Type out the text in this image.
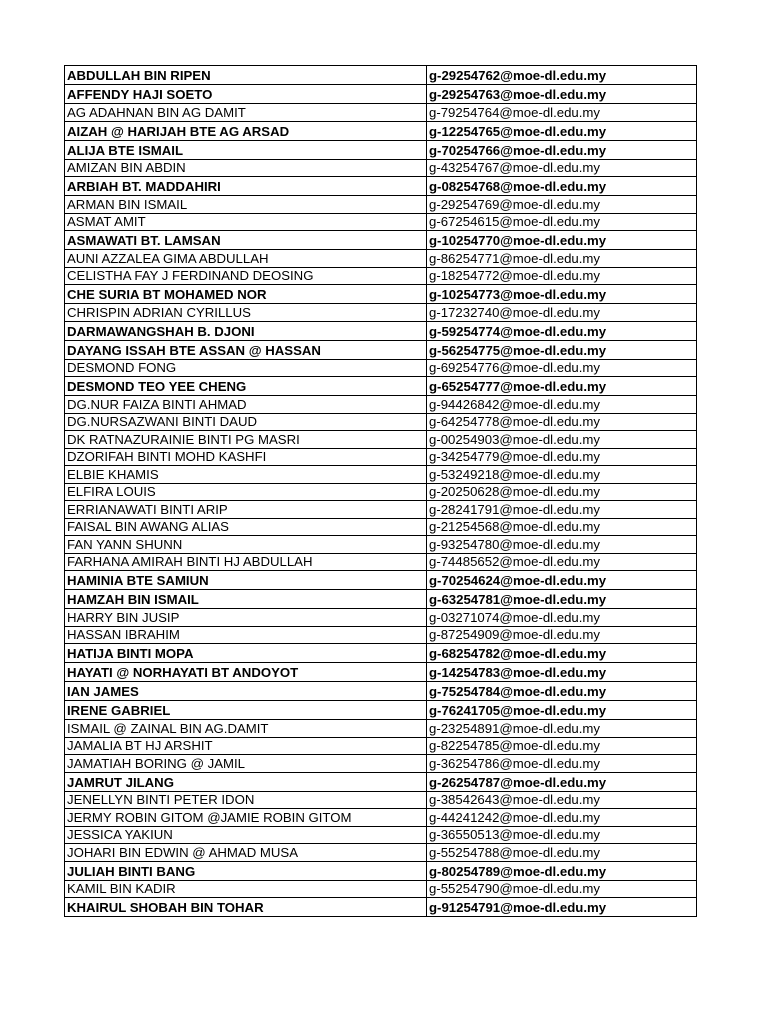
ABDULLAH BIN RIPEN	g-29254762@moe-dl.edu.my
AFFENDY HAJI SOETO	g-29254763@moe-dl.edu.my
AG ADAHNAN BIN AG DAMIT	g-79254764@moe-dl.edu.my
AIZAH @ HARIJAH BTE AG ARSAD	g-12254765@moe-dl.edu.my
ALIJA BTE ISMAIL	g-70254766@moe-dl.edu.my
AMIZAN BIN ABDIN	g-43254767@moe-dl.edu.my
ARBIAH BT. MADDAHIRI	g-08254768@moe-dl.edu.my
ARMAN BIN ISMAIL	g-29254769@moe-dl.edu.my
ASMAT AMIT	g-67254615@moe-dl.edu.my
ASMAWATI BT. LAMSAN	g-10254770@moe-dl.edu.my
AUNI AZZALEA GIMA ABDULLAH	g-86254771@moe-dl.edu.my
CELISTHA FAY J FERDINAND DEOSING	g-18254772@moe-dl.edu.my
CHE SURIA BT MOHAMED NOR	g-10254773@moe-dl.edu.my
CHRISPIN ADRIAN CYRILLUS	g-17232740@moe-dl.edu.my
DARMAWANGSHAH B. DJONI	g-59254774@moe-dl.edu.my
DAYANG ISSAH BTE ASSAN @ HASSAN	g-56254775@moe-dl.edu.my
DESMOND FONG	g-69254776@moe-dl.edu.my
DESMOND TEO YEE CHENG	g-65254777@moe-dl.edu.my
DG.NUR FAIZA BINTI AHMAD	g-94426842@moe-dl.edu.my
DG.NURSAZWANI BINTI DAUD	g-64254778@moe-dl.edu.my
DK RATNAZURAINIE BINTI PG MASRI	g-00254903@moe-dl.edu.my
DZORIFAH BINTI MOHD KASHFI	g-34254779@moe-dl.edu.my
ELBIE KHAMIS	g-53249218@moe-dl.edu.my
ELFIRA LOUIS	g-20250628@moe-dl.edu.my
ERRIANAWATI BINTI ARIP	g-28241791@moe-dl.edu.my
FAISAL BIN AWANG ALIAS	g-21254568@moe-dl.edu.my
FAN YANN SHUNN	g-93254780@moe-dl.edu.my
FARHANA AMIRAH BINTI HJ ABDULLAH	g-74485652@moe-dl.edu.my
HAMINIA BTE SAMIUN	g-70254624@moe-dl.edu.my
HAMZAH BIN ISMAIL	g-63254781@moe-dl.edu.my
HARRY BIN JUSIP	g-03271074@moe-dl.edu.my
HASSAN IBRAHIM	g-87254909@moe-dl.edu.my
HATIJA BINTI MOPA	g-68254782@moe-dl.edu.my
HAYATI @ NORHAYATI BT ANDOYOT	g-14254783@moe-dl.edu.my
IAN JAMES	g-75254784@moe-dl.edu.my
IRENE GABRIEL	g-76241705@moe-dl.edu.my
ISMAIL @ ZAINAL BIN AG.DAMIT	g-23254891@moe-dl.edu.my
JAMALIA BT HJ ARSHIT	g-82254785@moe-dl.edu.my
JAMATIAH BORING @ JAMIL	g-36254786@moe-dl.edu.my
JAMRUT JILANG	g-26254787@moe-dl.edu.my
JENELLYN BINTI PETER IDON	g-38542643@moe-dl.edu.my
JERMY ROBIN GITOM @JAMIE ROBIN GITOM	g-44241242@moe-dl.edu.my
JESSICA YAKIUN	g-36550513@moe-dl.edu.my
JOHARI BIN EDWIN @ AHMAD MUSA	g-55254788@moe-dl.edu.my
JULIAH BINTI BANG	g-80254789@moe-dl.edu.my
KAMIL BIN KADIR	g-55254790@moe-dl.edu.my
KHAIRUL SHOBAH BIN TOHAR	g-91254791@moe-dl.edu.my
